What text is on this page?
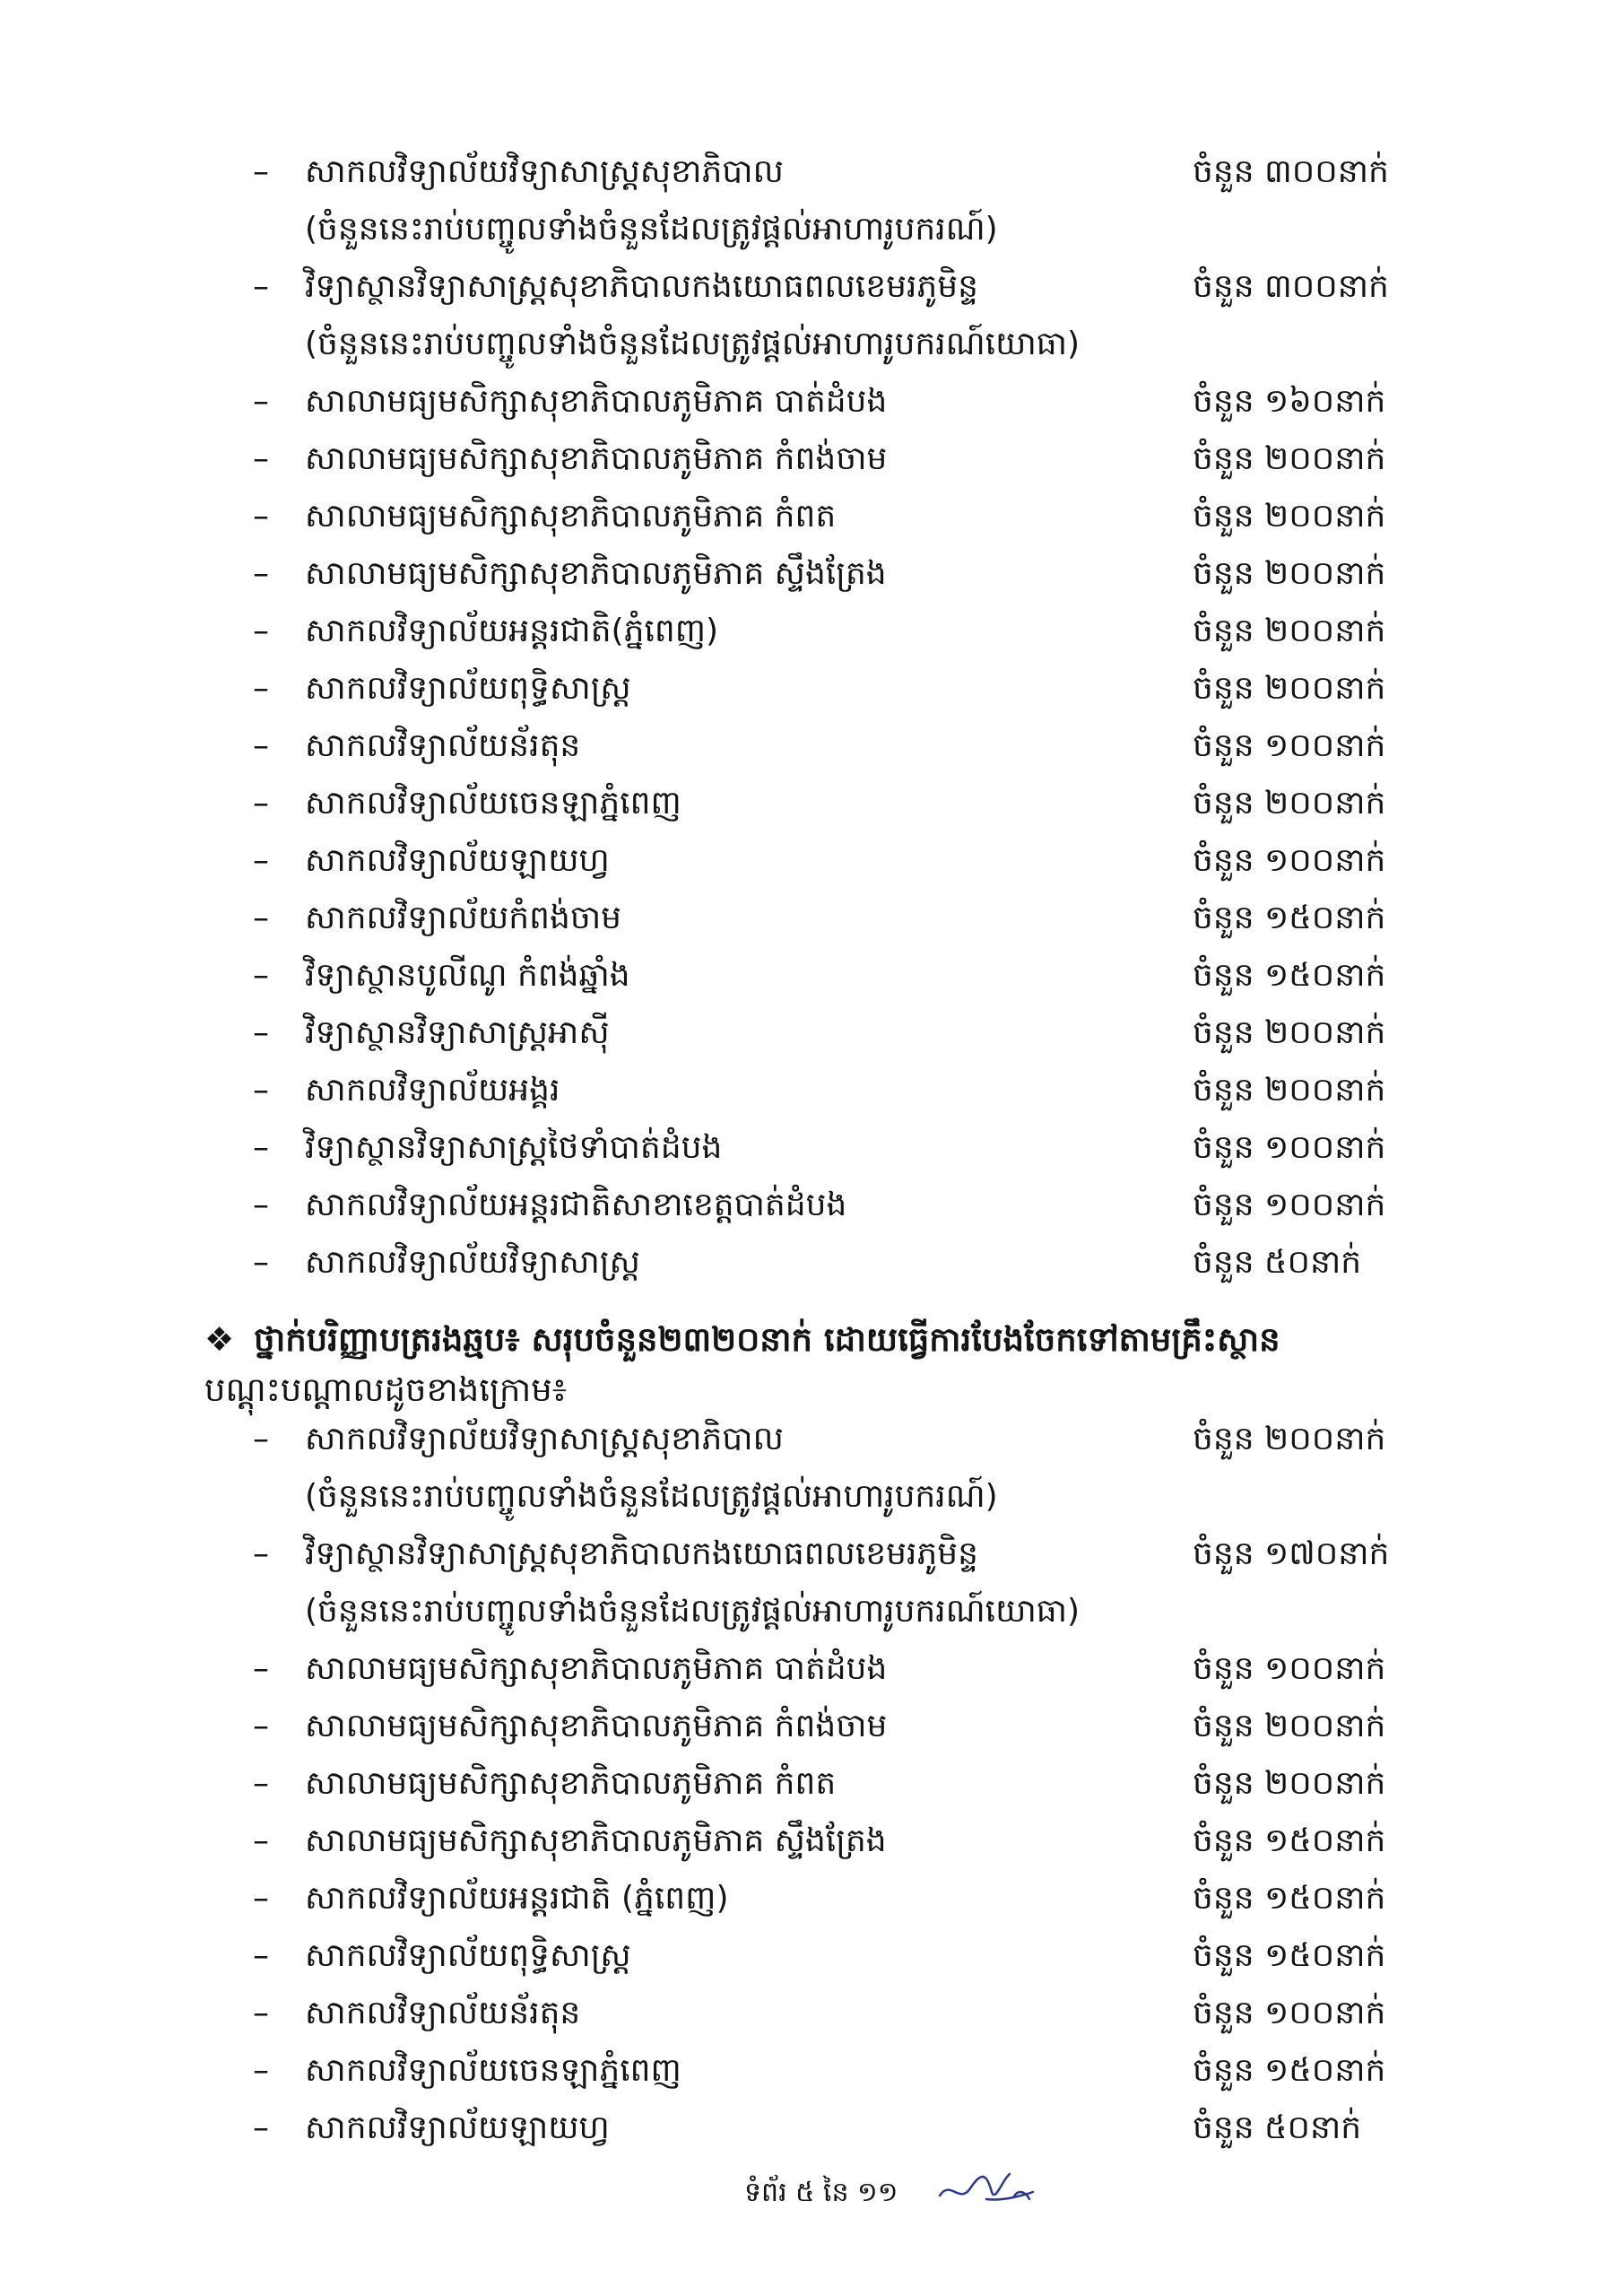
–	សាកលវិទ្យាល័យវិទ្យាសាស្ត្រសុខាភិបាល	ចំនួន ៣០០នាក់
(ចំនួននេះរាប់បញ្ចូលទាំងចំនួនដែលត្រូវផ្ដល់អាហារូបករណ៍)
–	វិទ្យាស្ថានវិទ្យាសាស្ត្រសុខាភិបាលកងយោធពលខេមរភូមិន្ទ	ចំនួន ៣០០នាក់
(ចំនួននេះរាប់បញ្ចូលទាំងចំនួនដែលត្រូវផ្ដល់អាហារូបករណ៍យោធា)
–	សាលាមធ្យមសិក្សាសុខាភិបាលភូមិភាគ បាត់ដំបង	ចំនួន ១៦០នាក់
–	សាលាមធ្យមសិក្សាសុខាភិបាលភូមិភាគ កំពង់ចាម	ចំនួន ២០០នាក់
–	សាលាមធ្យមសិក្សាសុខាភិបាលភូមិភាគ កំពត	ចំនួន ២០០នាក់
–	សាលាមធ្យមសិក្សាសុខាភិបាលភូមិភាគ ស្ទឹងត្រែង	ចំនួន ២០០នាក់
–	សាកលវិទ្យាល័យអន្តរជាតិ(ភ្នំពេញ)	ចំនួន ២០០នាក់
–	សាកលវិទ្យាល័យពុទ្ធិសាស្ត្រ	ចំនួន ២០០នាក់
–	សាកលវិទ្យាល័យន័រតុន	ចំនួន ១០០នាក់
–	សាកលវិទ្យាល័យចេនឡាភ្នំពេញ	ចំនួន ២០០នាក់
–	សាកលវិទ្យាល័យឡាយហ្វ	ចំនួន ១០០នាក់
–	សាកលវិទ្យាល័យកំពង់ចាម	ចំនួន ១៥០នាក់
–	វិទ្យាស្ថានបូលីណូ កំពង់ឆ្នាំង	ចំនួន ១៥០នាក់
–	វិទ្យាស្ថានវិទ្យាសាស្ត្រអាស៊ី	ចំនួន ២០០នាក់
–	សាកលវិទ្យាល័យអង្គរ	ចំនួន ២០០នាក់
–	វិទ្យាស្ថានវិទ្យាសាស្ត្រថៃទាំបាត់ដំបង	ចំនួន ១០០នាក់
–	សាកលវិទ្យាល័យអន្តរជាតិសាខាខេត្តបាត់ដំបង	ចំនួន ១០០នាក់
–	សាកលវិទ្យាល័យវិទ្យាសាស្ត្រ	ចំនួន ៥០នាក់
❖ ថ្នាក់បរិញ្ញាបត្ររងឆ្មប៖ សរុបចំនួន២៣២០នាក់ ដោយធ្វើការបែងចែកទៅតាមគ្រឹះស្ថាន
បណ្ដុះបណ្ដាលដូចខាងក្រោម៖
–	សាកលវិទ្យាល័យវិទ្យាសាស្ត្រសុខាភិបាល	ចំនួន ២០០នាក់
(ចំនួននេះរាប់បញ្ចូលទាំងចំនួនដែលត្រូវផ្ដល់អាហារូបករណ៍)
–	វិទ្យាស្ថានវិទ្យាសាស្ត្រសុខាភិបាលកងយោធពលខេមរភូមិន្ទ	ចំនួន ១៧០នាក់
(ចំនួននេះរាប់បញ្ចូលទាំងចំនួនដែលត្រូវផ្ដល់អាហារូបករណ៍យោធា)
–	សាលាមធ្យមសិក្សាសុខាភិបាលភូមិភាគ បាត់ដំបង	ចំនួន ១០០នាក់
–	សាលាមធ្យមសិក្សាសុខាភិបាលភូមិភាគ កំពង់ចាម	ចំនួន ២០០នាក់
–	សាលាមធ្យមសិក្សាសុខាភិបាលភូមិភាគ កំពត	ចំនួន ២០០នាក់
–	សាលាមធ្យមសិក្សាសុខាភិបាលភូមិភាគ ស្ទឹងត្រែង	ចំនួន ១៥០នាក់
–	សាកលវិទ្យាល័យអន្តរជាតិ (ភ្នំពេញ)	ចំនួន ១៥០នាក់
–	សាកលវិទ្យាល័យពុទ្ធិសាស្ត្រ	ចំនួន ១៥០នាក់
–	សាកលវិទ្យាល័យន័រតុន	ចំនួន ១០០នាក់
–	សាកលវិទ្យាល័យចេនឡាភ្នំពេញ	ចំនួន ១៥០នាក់
–	សាកលវិទ្យាល័យឡាយហ្វ	ចំនួន ៥០នាក់
ទំព័រ ៥ នៃ ១១
